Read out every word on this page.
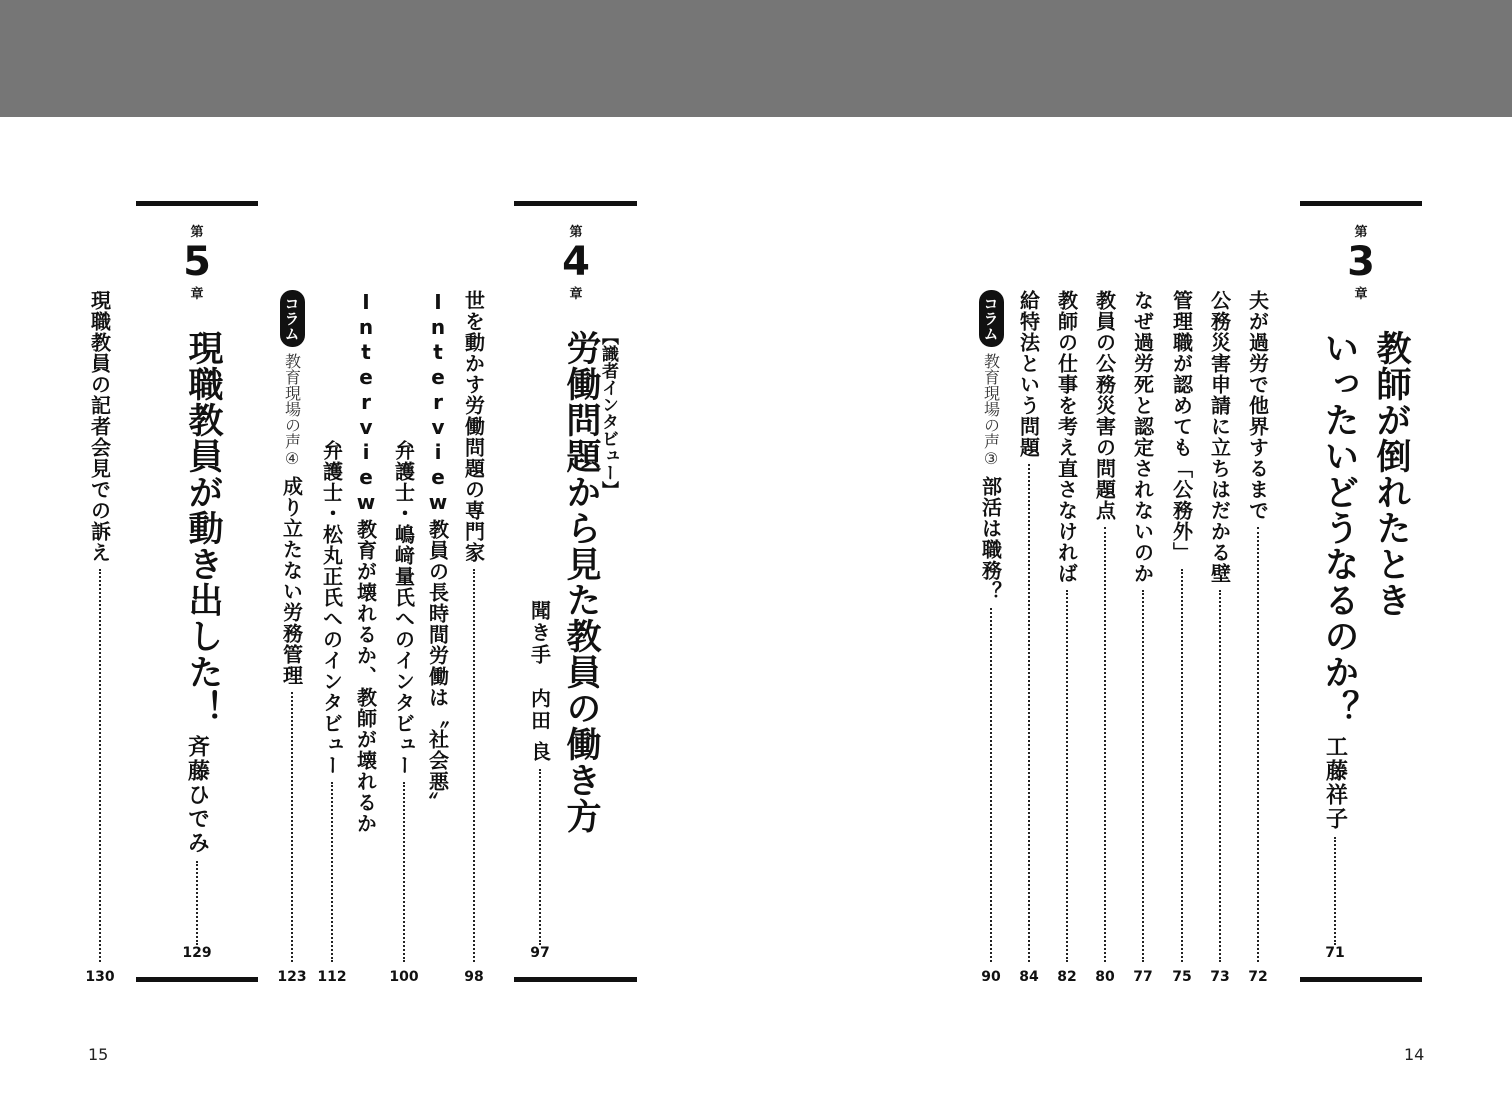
第
3
章
教師が倒れたとき
いったいどうなるのか？
工藤祥子
71
第
4
章
【識者インタビュー】
労働問題から見た教員の働き方
聞き手　内田 良
97
第
5
章
現職教員が動き出した！
斉藤ひでみ
129
夫が過労で他界するまで
72
公務災害申請に立ちはだかる壁
73
管理職が認めても「公務外」
75
なぜ過労死と認定されないのか
77
教員の公務災害の問題点
80
教師の仕事を考え直さなければ
82
給特法という問題
84
コラム
教育現場の声③
部活は職務？
90
世を動かす労働問題の専門家
98
Interview
教員の長時間労働は〝社会悪〟
弁護士・嶋﨑量氏へのインタビュー
100
Interview
教育が壊れるか、教師が壊れるか
弁護士・松丸正氏へのインタビュー
112
コラム
教育現場の声④
成り立たない労務管理
123
現職教員の記者会見での訴え
130
15	14
